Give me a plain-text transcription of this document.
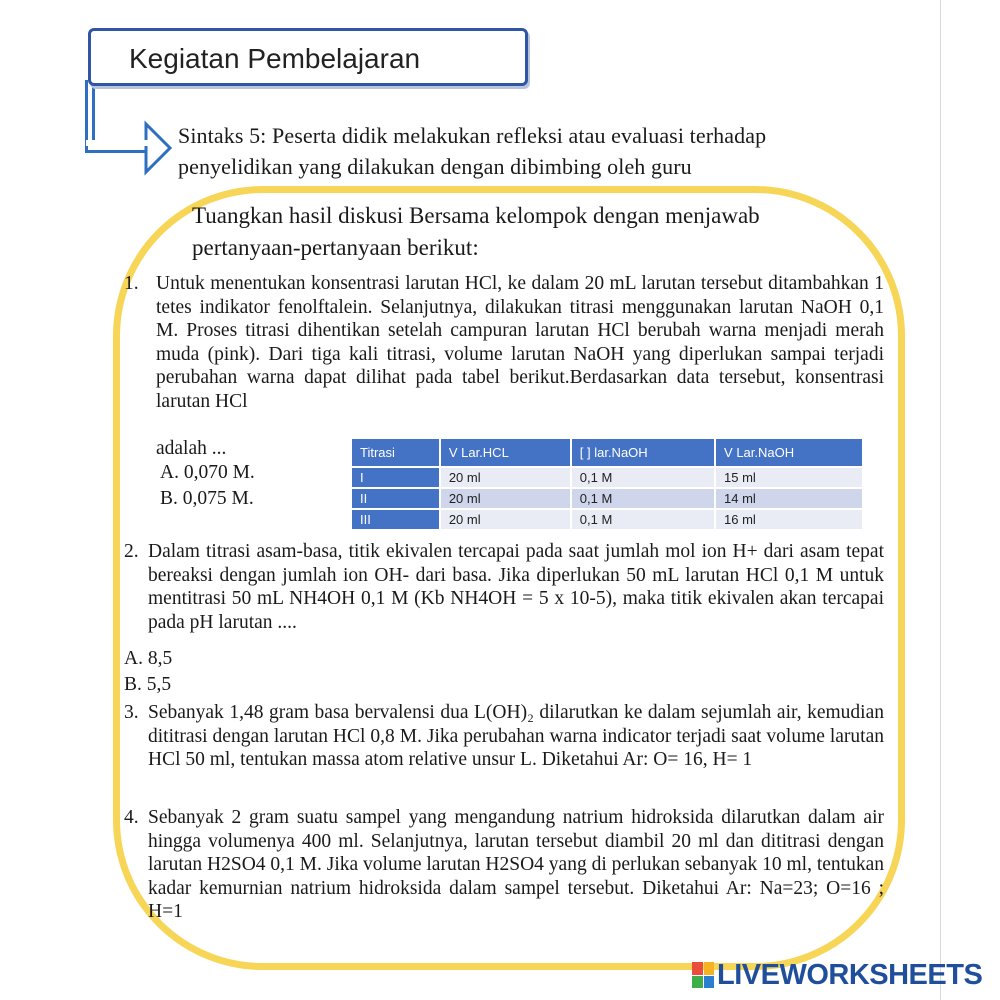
Kegiatan Pembelajaran
Sintaks 5: Peserta didik melakukan refleksi atau evaluasi terhadap penyelidikan yang dilakukan dengan dibimbing oleh guru
Tuangkan hasil diskusi Bersama kelompok dengan menjawab pertanyaan-pertanyaan berikut:
1. Untuk menentukan konsentrasi larutan HCl, ke dalam 20 mL larutan tersebut ditambahkan 1 tetes indikator fenolftalein. Selanjutnya, dilakukan titrasi menggunakan larutan NaOH 0,1 M. Proses titrasi dihentikan setelah campuran larutan HCl berubah warna menjadi merah muda (pink). Dari tiga kali titrasi, volume larutan NaOH yang diperlukan sampai terjadi perubahan warna dapat dilihat pada tabel berikut.Berdasarkan data tersebut, konsentrasi larutan HCl
adalah ...
A. 0,070 M.
B. 0,075 M.
Titrasi	V Lar.HCL	[ ] lar.NaOH	V Lar.NaOH
I	20 ml	0,1 M	15 ml
II	20 ml	0,1 M	14 ml
III	20 ml	0,1 M	16 ml
2. Dalam titrasi asam-basa, titik ekivalen tercapai pada saat jumlah mol ion H+ dari asam tepat bereaksi dengan jumlah ion OH- dari basa. Jika diperlukan 50 mL larutan HCl 0,1 M untuk mentitrasi 50 mL NH4OH 0,1 M (Kb NH4OH = 5 x 10-5), maka titik ekivalen akan tercapai pada pH larutan ....
A. 8,5
B. 5,5
3. Sebanyak 1,48 gram basa bervalensi dua L(OH)₂ dilarutkan ke dalam sejumlah air, kemudian dititrasi dengan larutan HCl 0,8 M. Jika perubahan warna indicator terjadi saat volume larutan HCl 50 ml, tentukan massa atom relative unsur L. Diketahui Ar: O= 16, H= 1
4. Sebanyak 2 gram suatu sampel yang mengandung natrium hidroksida dilarutkan dalam air hingga volumenya 400 ml. Selanjutnya, larutan tersebut diambil 20 ml dan dititrasi dengan larutan H2SO4 0,1 M. Jika volume larutan H2SO4 yang di perlukan sebanyak 10 ml, tentukan kadar kemurnian natrium hidroksida dalam sampel tersebut. Diketahui Ar: Na=23; O=16 ; H=1
LIVEWORKSHEETS
